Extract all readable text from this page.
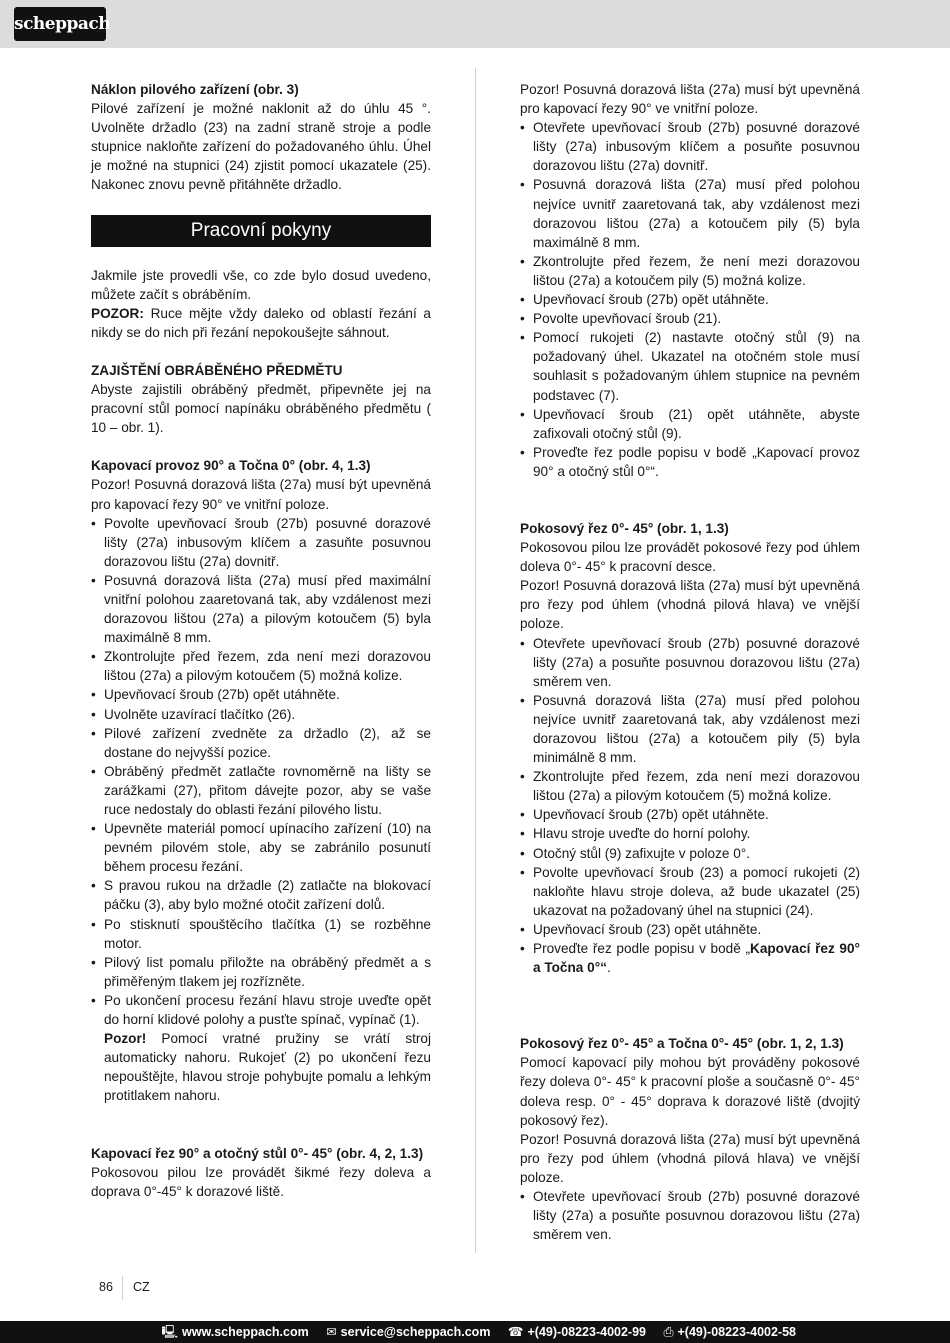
scheppach

Náklon pilového zařízení (obr. 3)

Pilové zařízení je možné naklonit až do úhlu 45 °. Uvolněte držadlo (23) na zadní straně stroje a podle stupnice nakloňte zařízení do požadovaného úhlu. Úhel je možné na stupnici (24) zjistit pomocí ukazatele (25). Nakonec znovu pevně přitáhněte držadlo.

Pracovní pokyny

Jakmile jste provedli vše, co zde bylo dosud uvedeno, můžete začít s obráběním.

POZOR: Ruce mějte vždy daleko od oblastí řezání a nikdy se do nich při řezání nepokoušejte sáhnout.

ZAJIŠTĚNÍ OBRÁBĚNÉHO PŘEDMĚTU

Abyste zajistili obráběný předmět, připevněte jej na pracovní stůl pomocí napínáku obráběného předmětu ( 10 – obr. 1).

Kapovací provoz 90° a Točna 0° (obr. 4, 1.3)

Pozor! Posuvná dorazová lišta (27a) musí být upevněná pro kapovací řezy 90° ve vnitřní poloze.

• Povolte upevňovací šroub (27b) posuvné dorazové lišty (27a) inbusovým klíčem a zasuňte posuvnou dorazovou lištu (27a) dovnitř.
• Posuvná dorazová lišta (27a) musí před maximální vnitřní polohou zaaretovaná tak, aby vzdálenost mezi dorazovou lištou (27a) a pilovým kotoučem (5) byla maximálně 8 mm.
• Zkontrolujte před řezem, zda není mezi dorazovou lištou (27a) a pilovým kotoučem (5) možná kolize.
• Upevňovací šroub (27b) opět utáhněte.
• Uvolněte uzavírací tlačítko (26).
• Pilové zařízení zvedněte za držadlo (2), až se dostane do nejvyšší pozice.
• Obráběný předmět zatlačte rovnoměrně na lišty se zarážkami (27), přitom dávejte pozor, aby se vaše ruce nedostaly do oblasti řezání pilového listu.
• Upevněte materiál pomocí upínacího zařízení (10) na pevném pilovém stole, aby se zabránilo posunutí během procesu řezání.
• S pravou rukou na držadle (2) zatlačte na blokovací páčku (3), aby bylo možné otočit zařízení dolů.
• Po stisknutí spouštěcího tlačítka (1) se rozběhne motor.
• Pilový list pomalu přiložte na obráběný předmět a s přiměřeným tlakem jej rozříznětе.
• Po ukončení procesu řezání hlavu stroje uveďte opět do horní klidové polohy a pusťte spínač, vypínač (1).
Pozor! Pomocí vratné pružiny se vrátí stroj automaticky nahoru. Rukojeť (2) po ukončení řezu nepouštějte, hlavou stroje pohybujte pomalu a lehkým protitlakem nahoru.

Kapovací řez 90° a otočný stůl 0°- 45° (obr. 4, 2, 1.3)

Pokosovou pilou lze provádět šikmé řezy doleva a doprava 0°-45° k dorazové liště.

Pozor! Posuvná dorazová lišta (27a) musí být upevněná pro kapovací řezy 90° ve vnitřní poloze.

• Otevřete upevňovací šroub (27b) posuvné dorazové lišty (27a) inbusovým klíčem a posuňte posuvnou dorazovou lištu (27a) dovnitř.
• Posuvná dorazová lišta (27a) musí před polohou nejvíce uvnitř zaaretovaná tak, aby vzdálenost mezi dorazovou lištou (27a) a kotoučem pily (5) byla maximálně 8 mm.
• Zkontrolujte před řezem, že není mezi dorazovou lištou (27a) a kotoučem pily (5) možná kolize.
• Upevňovací šroub (27b) opět utáhněte.
• Povolte upevňovací šroub (21).
• Pomocí rukojeti (2) nastavte otočný stůl (9) na požadovaný úhel. Ukazatel na otočném stole musí souhlasit s požadovaným úhlem stupnice na pevném podstavec (7).
• Upevňovací šroub (21) opět utáhněte, abyste zafixovali otočný stůl (9).
• Proveďte řez podle popisu v bodě „Kapovací provoz 90° a otočný stůl 0°“.

Pokosový řez 0°- 45° (obr. 1, 1.3)

Pokosovou pilou lze provádět pokosové řezy pod úhlem doleva 0°- 45° k pracovní desce.

Pozor! Posuvná dorazová lišta (27a) musí být upevněná pro řezy pod úhlem (vhodná pilová hlava) ve vnější poloze.

• Otevřete upevňovací šroub (27b) posuvné dorazové lišty (27a) a posuňte posuvnou dorazovou lištu (27a) směrem ven.
• Posuvná dorazová lišta (27a) musí před polohou nejvíce uvnitř zaaretovaná tak, aby vzdálenost mezi dorazovou lištou (27a) a kotoučem pily (5) byla minimálně 8 mm.
• Zkontrolujte před řezem, zda není mezi dorazovou lištou (27a) a pilovým kotoučem (5) možná kolize.
• Upevňovací šroub (27b) opět utáhněte.
• Hlavu stroje uveďte do horní polohy.
• Otočný stůl (9) zafixujte v poloze 0°.
• Povolte upevňovací šroub (23) a pomocí rukojeti (2) nakloňte hlavu stroje doleva, až bude ukazatel (25) ukazovat na požadovaný úhel na stupnici (24).
• Upevňovací šroub (23) opět utáhněte.
• Proveďte řez podle popisu v bodě „Kapovací řez 90° a Točna 0°“.

Pokosový řez 0°- 45° a Točna 0°- 45° (obr. 1, 2, 1.3)

Pomocí kapovací pily mohou být prováděny pokosové řezy doleva 0°- 45° k pracovní ploše a současně 0°- 45° doleva resp. 0° - 45° doprava k dorazové liště (dvojitý pokosový řez).

Pozor! Posuvná dorazová lišta (27a) musí být upevněná pro řezy pod úhlem (vhodná pilová hlava) ve vnější poloze.

• Otevřete upevňovací šroub (27b) posuvné dorazové lišty (27a) a posuňte posuvnou dorazovou lištu (27a) směrem ven.
86 CZ
🖳 www.scheppach.com ✉ service@scheppach.com ☎ +(49)-08223-4002-99 ⎙ +(49)-08223-4002-58
